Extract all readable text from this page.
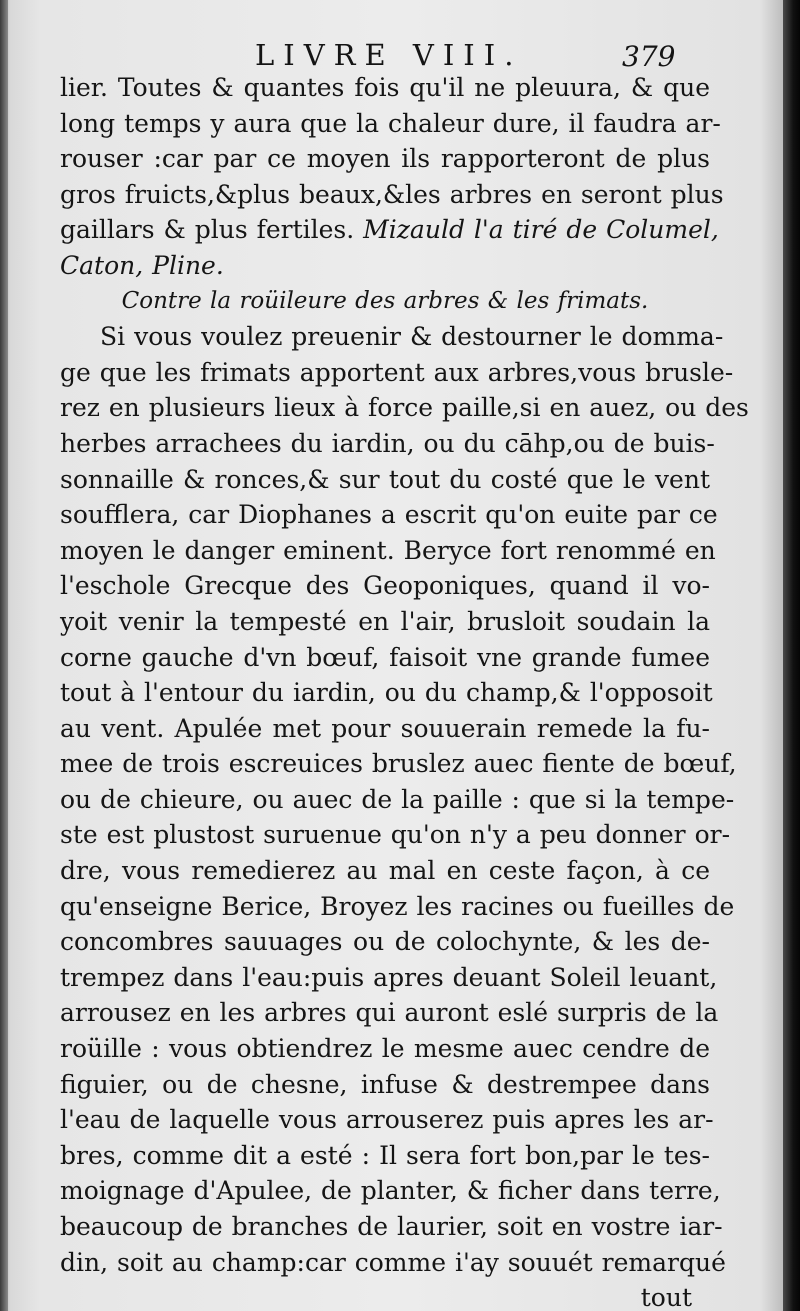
LIVRE VIII.	379
lier. Toutes & quantes fois qu'il ne pleuura, & que
long temps y aura que la chaleur dure, il faudra ar-
rouser :car par ce moyen ils rapporteront de plus
gros fruicts,&plus beaux,&les arbres en seront plus
gaillars & plus fertiles. Mizauld l'a tiré de Columel,
Caton, Pline.
Contre la roüileure des arbres & les frimats.
Si vous voulez preuenir & destourner le domma-
ge que les frimats apportent aux arbres,vous brusle-
rez en plusieurs lieux à force paille,si en auez, ou des
herbes arrachees du iardin, ou du cāhp,ou de buis-
sonnaille & ronces,& sur tout du costé que le vent
soufflera, car Diophanes a escrit qu'on euite par ce
moyen le danger eminent. Beryce fort renommé en
l'eschole Grecque des Geoponiques, quand il vo-
yoit venir la tempesté en l'air, brusloit soudain la
corne gauche d'vn bœuf, faisoit vne grande fumee
tout à l'entour du iardin, ou du champ,& l'opposoit
au vent. Apulée met pour souuerain remede la fu-
mee de trois escreuices bruslez auec fiente de bœuf,
ou de chieure, ou auec de la paille : que si la tempe-
ste est plustost suruenue qu'on n'y a peu donner or-
dre, vous remedierez au mal en ceste façon, à ce
qu'enseigne Berice, Broyez les racines ou fueilles de
concombres sauuages ou de colochynte, & les de-
trempez dans l'eau:puis apres deuant Soleil leuant,
arrousez en les arbres qui auront eslé surpris de la
roüille : vous obtiendrez le mesme auec cendre de
figuier, ou de chesne, infuse & destrempee dans
l'eau de laquelle vous arrouserez puis apres les ar-
bres, comme dit a esté : Il sera fort bon,par le tes-
moignage d'Apulee, de planter, & ficher dans terre,
beaucoup de branches de laurier, soit en vostre iar-
din, soit au champ:car comme i'ay souuét remarqué
tout
